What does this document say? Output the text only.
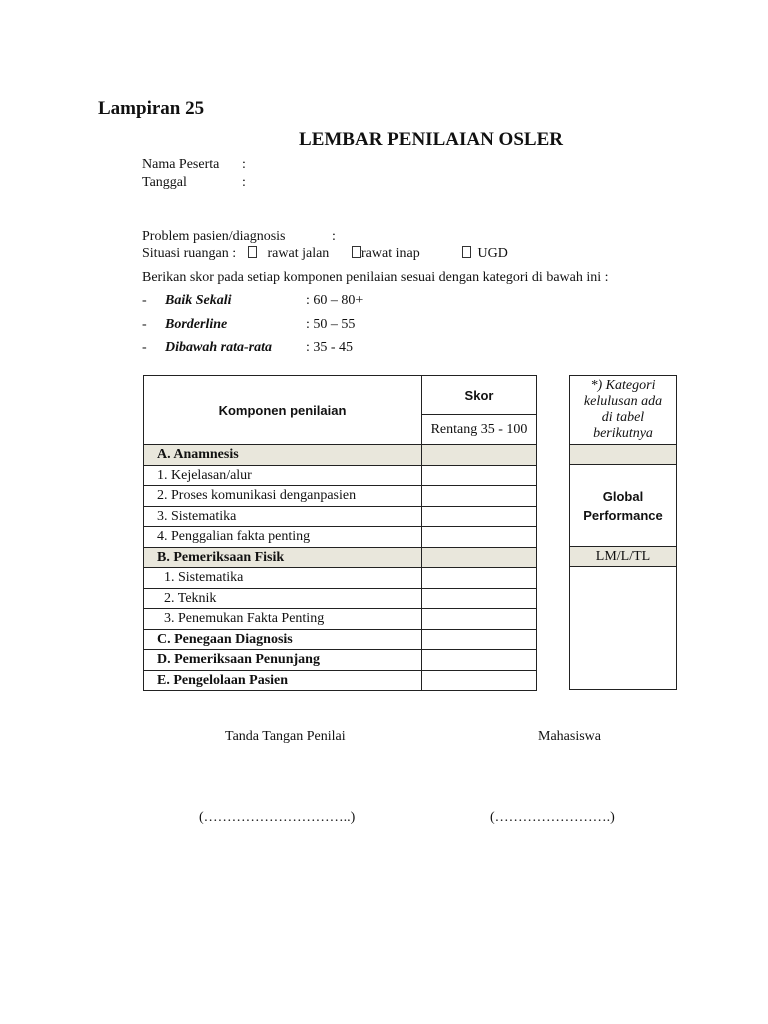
Lampiran 25
LEMBAR PENILAIAN OSLER
Nama Peserta :
Tanggal	:
Problem pasien/diagnosis	:
Situasi ruangan :	rawat jalan	rawat inap	UGD
Berikan skor pada setiap komponen penilaian sesuai dengan kategori di bawah ini :
- Baik Sekali	: 60 – 80+
- Borderline	: 50 – 55
- Dibawah rata-rata : 35 - 45
Komponen penilaian	Skor
	Rentang 35 - 100
A. Anamnesis	
1. Kejelasan/alur	
2. Proses komunikasi denganpasien	
3. Sistematika	
4. Penggalian fakta penting	
B. Pemeriksaan Fisik	
1. Sistematika	
2. Teknik	
3. Penemukan Fakta Penting	
C. Penegaan Diagnosis	
D. Pemeriksaan Penunjang	
E. Pengelolaan Pasien	
*) Kategori kelulusan ada di tabel berikutnya

Global
Performance

LM/L/TL

Tanda Tangan Penilai	Mahasiswa
(…………………………..)	(…………………….)
